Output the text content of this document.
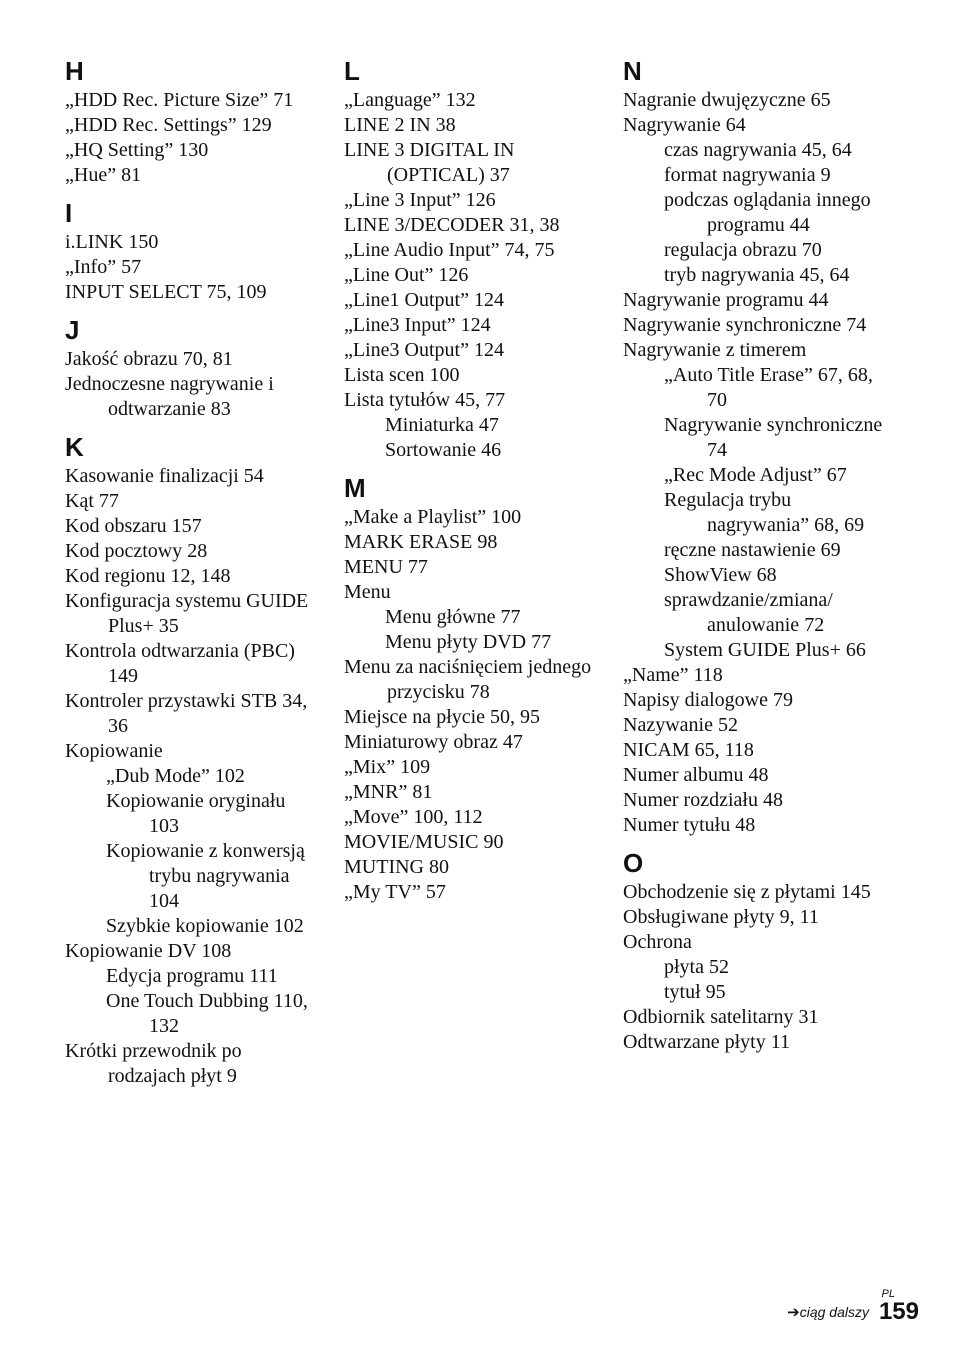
H
„HDD Rec. Picture Size” 71
„HDD Rec. Settings” 129
„HQ Setting” 130
„Hue” 81
I
i.LINK 150
„Info” 57
INPUT SELECT 75, 109
J
Jakość obrazu 70, 81
Jednoczesne nagrywanie i odtwarzanie 83
K
Kasowanie finalizacji 54
Kąt 77
Kod obszaru 157
Kod pocztowy 28
Kod regionu 12, 148
Konfiguracja systemu GUIDE Plus+ 35
Kontrola odtwarzania (PBC) 149
Kontroler przystawki STB 34, 36
Kopiowanie
„Dub Mode” 102
Kopiowanie oryginału 103
Kopiowanie z konwersją trybu nagrywania 104
Szybkie kopiowanie 102
Kopiowanie DV 108
Edycja programu 111
One Touch Dubbing 110, 132
Krótki przewodnik po rodzajach płyt 9
L
„Language” 132
LINE 2 IN 38
LINE 3 DIGITAL IN (OPTICAL) 37
„Line 3 Input” 126
LINE 3/DECODER 31, 38
„Line Audio Input” 74, 75
„Line Out” 126
„Line1 Output” 124
„Line3 Input” 124
„Line3 Output” 124
Lista scen 100
Lista tytułów 45, 77
Miniaturka 47
Sortowanie 46
M
„Make a Playlist” 100
MARK ERASE 98
MENU 77
Menu
Menu główne 77
Menu płyty DVD 77
Menu za naciśnięciem jednego przycisku 78
Miejsce na płycie 50, 95
Miniaturowy obraz 47
„Mix” 109
„MNR” 81
„Move” 100, 112
MOVIE/MUSIC 90
MUTING 80
„My TV” 57
N
Nagranie dwujęzyczne 65
Nagrywanie 64
czas nagrywania 45, 64
format nagrywania 9
podczas oglądania innego programu 44
regulacja obrazu 70
tryb nagrywania 45, 64
Nagrywanie programu 44
Nagrywanie synchroniczne 74
Nagrywanie z timerem
„Auto Title Erase” 67, 68, 70
Nagrywanie synchroniczne 74
„Rec Mode Adjust” 67
Regulacja trybu nagrywania” 68, 69
ręczne nastawienie 69
ShowView 68
sprawdzanie/zmiana/ anulowanie 72
System GUIDE Plus+ 66
„Name” 118
Napisy dialogowe 79
Nazywanie 52
NICAM 65, 118
Numer albumu 48
Numer rozdziału 48
Numer tytułu 48
O
Obchodzenie się z płytami 145
Obsługiwane płyty 9, 11
Ochrona
płyta 52
tytuł 95
Odbiornik satelitarny 31
Odtwarzane płyty 11
PL
➔ciąg dalszy 159
